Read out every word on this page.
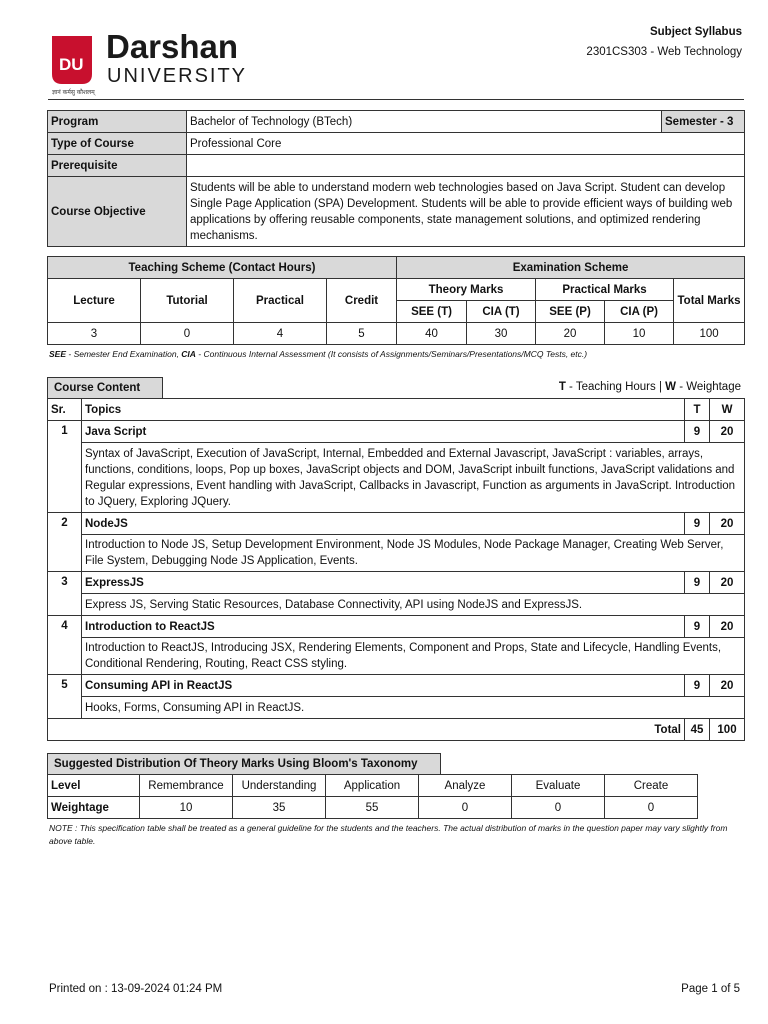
DU Darshan
UNIVERSITY
ज्ञानं कर्मसु कौशलम्
Subject Syllabus
2301CS303 - Web Technology
Program	Bachelor of Technology (BTech)	Semester - 3
Type of Course	Professional Core	
Prerequisite		
Course Objective	Students will be able to understand modern web technologies based on Java Script. Student can develop Single Page Application (SPA) Development. Students will be able to provide efficient ways of building web applications by offering reusable components, state management solutions, and optimized rendering mechanisms.	
Teaching Scheme (Contact Hours)				Examination Scheme				
Lecture	Tutorial	Practical	Credit	Theory Marks		Practical Marks		Total Marks
				SEE (T)	CIA (T)	SEE (P)	CIA (P)	
3	0	4	5	40	30	20	10	100
SEE - Semester End Examination, CIA - Continuous Internal Assessment (It consists of Assignments/Seminars/Presentations/MCQ Tests, etc.)
Course Content	T - Teaching Hours | W - Weightage
Sr.	Topics	T	W
1	Java Script	9	20
	Syntax of JavaScript, Execution of JavaScript, Internal, Embedded and External Javascript, JavaScript : variables, arrays, functions, conditions, loops, Pop up boxes, JavaScript objects and DOM, JavaScript inbuilt functions, JavaScript validations and Regular expressions, Event handling with JavaScript, Callbacks in Javascript, Function as arguments in JavaScript. Introduction to JQuery, Exploring JQuery.		
2	NodeJS	9	20
	Introduction to Node JS, Setup Development Environment, Node JS Modules, Node Package Manager, Creating Web Server, File System, Debugging Node JS Application, Events.		
3	ExpressJS	9	20
	Express JS, Serving Static Resources, Database Connectivity, API using NodeJS and ExpressJS.		
4	Introduction to ReactJS	9	20
	Introduction to ReactJS, Introducing JSX, Rendering Elements, Component and Props, State and Lifecycle, Handling Events, Conditional Rendering, Routing, React CSS styling.		
5	Consuming API in ReactJS	9	20
	Hooks, Forms, Consuming API in ReactJS.		
Total		45	100
Suggested Distribution Of Theory Marks Using Bloom's Taxonomy
Level	Remembrance	Understanding	Application	Analyze	Evaluate	Create
Weightage	10	35	55	0	0	0
NOTE : This specification table shall be treated as a general guideline for the students and the teachers. The actual distribution of marks in the question paper may vary slightly from above table.
Printed on : 13-09-2024 01:24 PM	Page 1 of 5
